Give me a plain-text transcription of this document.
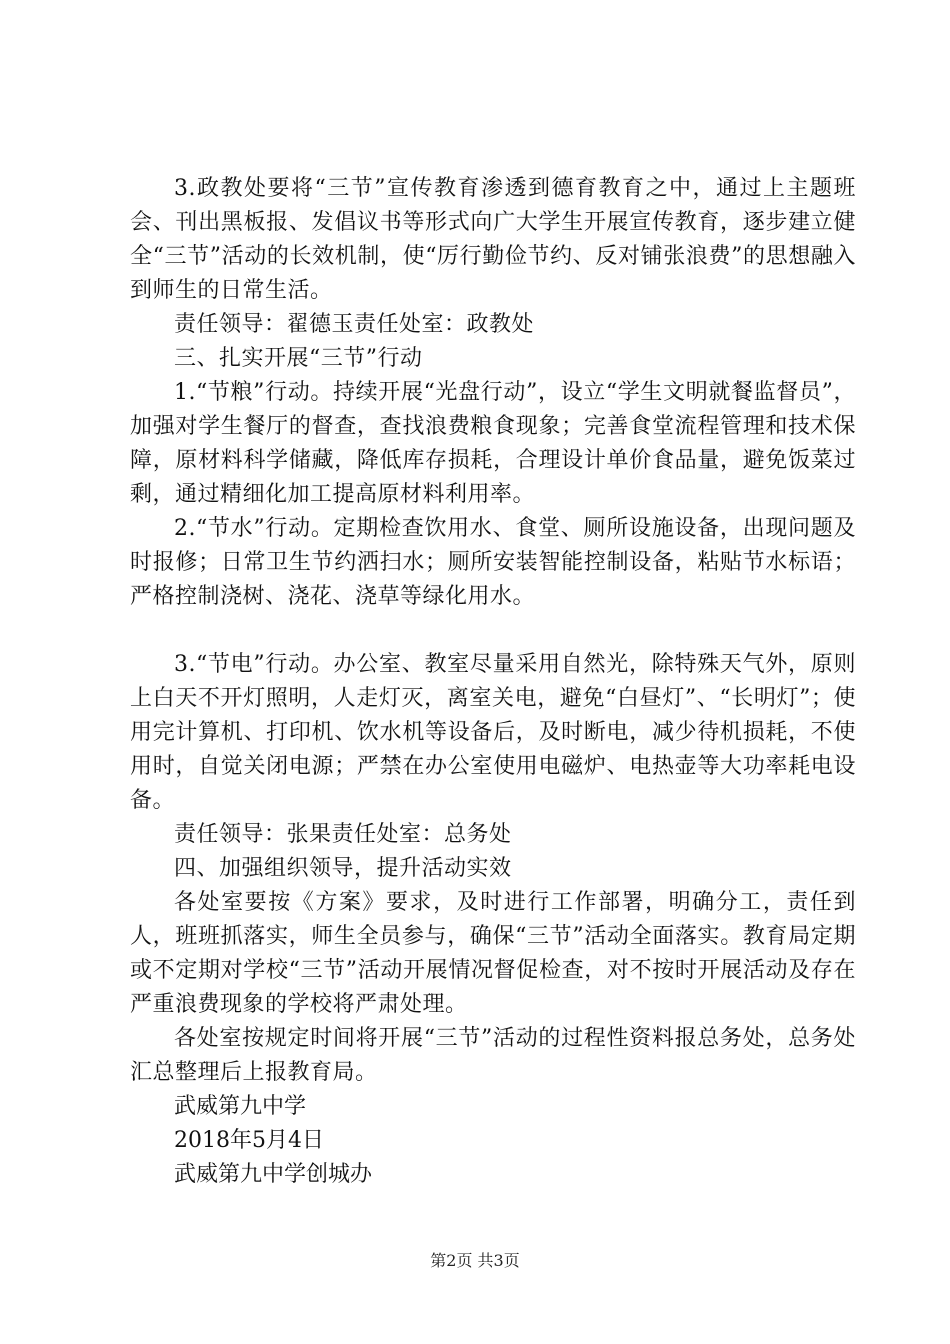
3.政教处要将“三节”宣传教育渗透到德育教育之中，通过上主题班会、刊出黑板报、发倡议书等形式向广大学生开展宣传教育，逐步建立健全“三节”活动的长效机制，使“厉行勤俭节约、反对铺张浪费”的思想融入到师生的日常生活。

责任领导：翟德玉责任处室：政教处

三、扎实开展“三节”行动

1.“节粮”行动。持续开展“光盘行动”，设立“学生文明就餐监督员”，加强对学生餐厅的督查，查找浪费粮食现象；完善食堂流程管理和技术保障，原材料科学储藏，降低库存损耗，合理设计单价食品量，避免饭菜过剩，通过精细化加工提高原材料利用率。

2.“节水”行动。定期检查饮用水、食堂、厕所设施设备，出现问题及时报修；日常卫生节约洒扫水；厕所安装智能控制设备，粘贴节水标语；严格控制浇树、浇花、浇草等绿化用水。

3.“节电”行动。办公室、教室尽量采用自然光，除特殊天气外，原则上白天不开灯照明，人走灯灭，离室关电，避免“白昼灯”、“长明灯”；使用完计算机、打印机、饮水机等设备后，及时断电，减少待机损耗，不使用时，自觉关闭电源；严禁在办公室使用电磁炉、电热壶等大功率耗电设备。

责任领导：张果责任处室：总务处

四、加强组织领导，提升活动实效

各处室要按《方案》要求，及时进行工作部署，明确分工，责任到人，班班抓落实，师生全员参与，确保“三节”活动全面落实。教育局定期或不定期对学校“三节”活动开展情况督促检查，对不按时开展活动及存在严重浪费现象的学校将严肃处理。

各处室按规定时间将开展“三节”活动的过程性资料报总务处，总务处汇总整理后上报教育局。

武威第九中学

2018年5月4日

武威第九中学创城办

第2页 共3页
